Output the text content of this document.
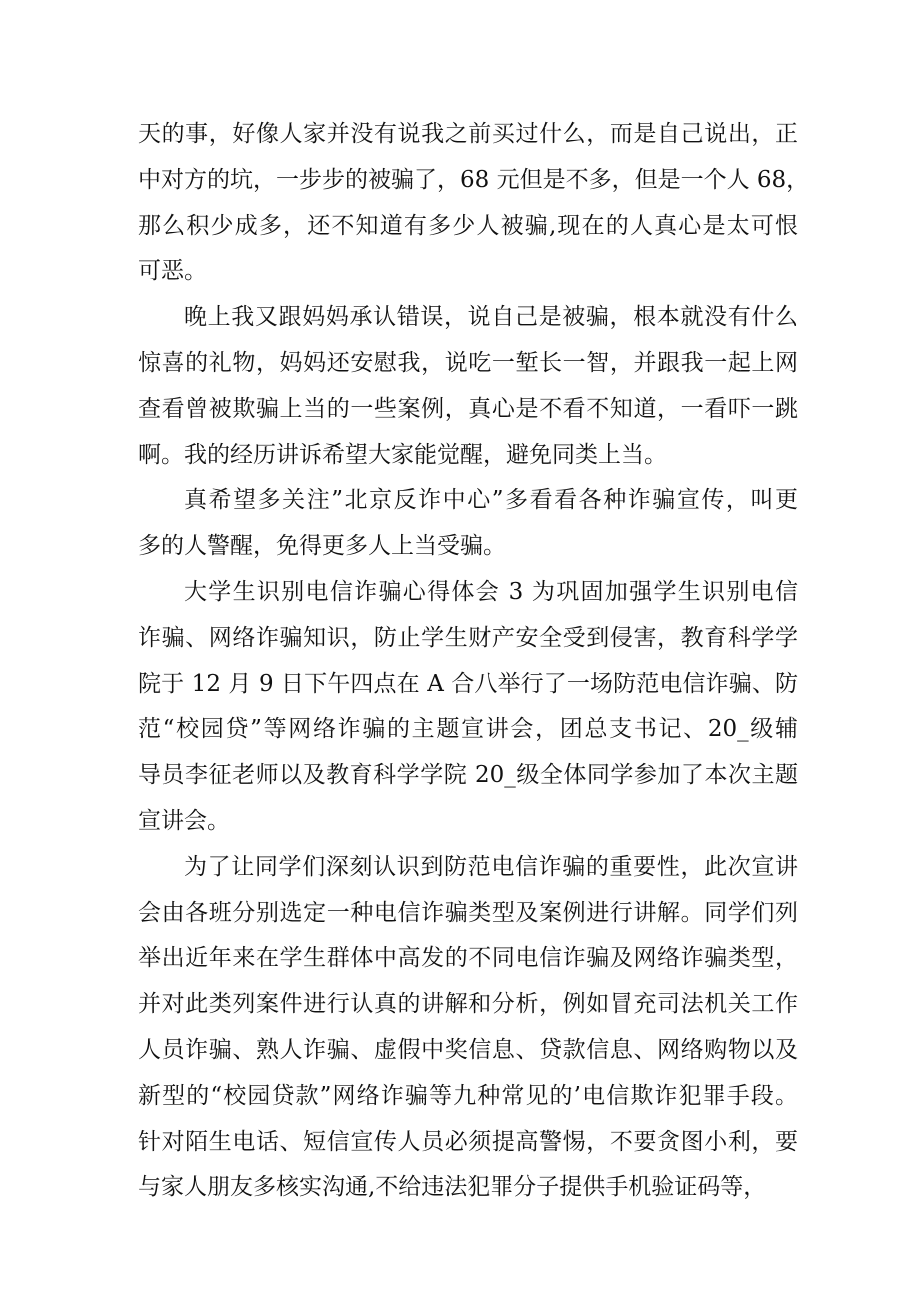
天的事，好像人家并没有说我之前买过什么，而是自己说出，正
中对方的坑，一步步的被骗了，68 元但是不多，但是一个人 68，
那么积少成多，还不知道有多少人被骗,现在的人真心是太可恨
可恶。
晚上我又跟妈妈承认错误，说自己是被骗，根本就没有什么
惊喜的礼物，妈妈还安慰我，说吃一堑长一智，并跟我一起上网
查看曾被欺骗上当的一些案例，真心是不看不知道，一看吓一跳
啊。我的经历讲诉希望大家能觉醒，避免同类上当。
真希望多关注”北京反诈中心”多看看各种诈骗宣传，叫更
多的人警醒，免得更多人上当受骗。
大学生识别电信诈骗心得体会 3 为巩固加强学生识别电信
诈骗、网络诈骗知识，防止学生财产安全受到侵害，教育科学学
院于 12 月 9 日下午四点在 A 合八举行了一场防范电信诈骗、防
范“校园贷”等网络诈骗的主题宣讲会，团总支书记、20_级辅
导员李征老师以及教育科学学院 20_级全体同学参加了本次主题
宣讲会。
为了让同学们深刻认识到防范电信诈骗的重要性，此次宣讲
会由各班分别选定一种电信诈骗类型及案例进行讲解。同学们列
举出近年来在学生群体中高发的不同电信诈骗及网络诈骗类型，
并对此类列案件进行认真的讲解和分析，例如冒充司法机关工作
人员诈骗、熟人诈骗、虚假中奖信息、贷款信息、网络购物以及
新型的“校园贷款”网络诈骗等九种常见的’电信欺诈犯罪手段。
针对陌生电话、短信宣传人员必须提高警惕，不要贪图小利，要
与家人朋友多核实沟通,不给违法犯罪分子提供手机验证码等，
